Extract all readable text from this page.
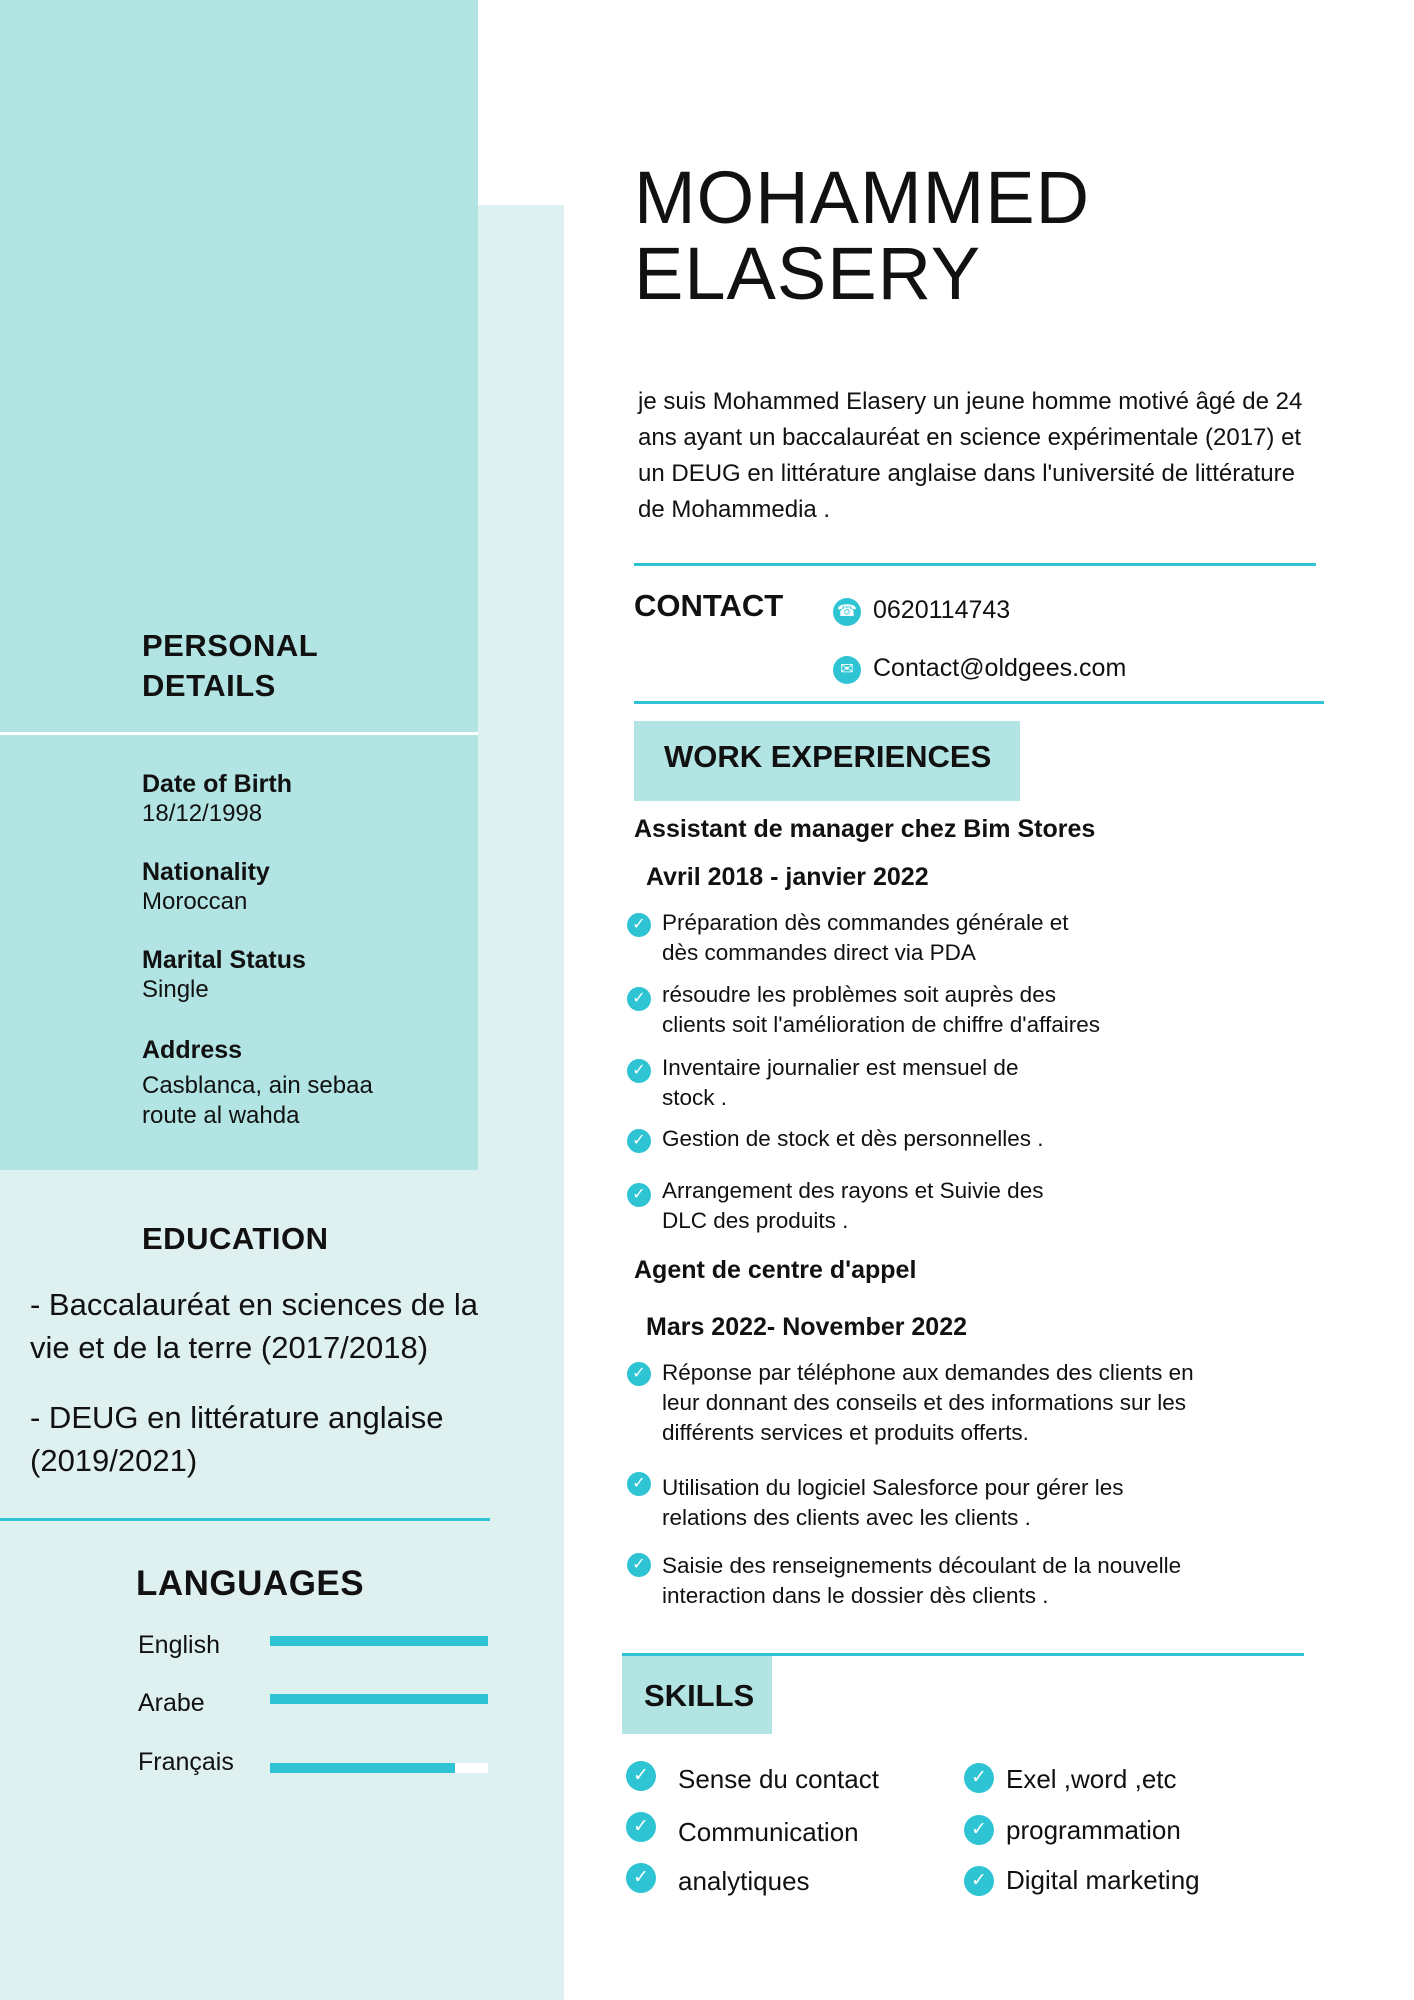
PERSONAL
DETAILS
Date of Birth
18/12/1998
Nationality
Moroccan
Marital Status
Single
Address
Casblanca, ain sebaa
route al wahda
EDUCATION
- Baccalauréat en sciences de la
vie et de la terre (2017/2018)
- DEUG en littérature anglaise
(2019/2021)
LANGUAGES
English
Arabe
Français
MOHAMMED
ELASERY
je suis Mohammed Elasery un jeune homme motivé âgé de 24 ans ayant un baccalauréat en science expérimentale (2017) et un DEUG en littérature anglaise dans l'université de littérature de Mohammedia .
CONTACT	☎ 0620114743
✉ Contact@oldgees.com
WORK EXPERIENCES
Assistant de manager chez Bim Stores
Avril 2018 - janvier 2022
✓ Préparation dès commandes générale et
dès commandes direct via PDA
✓ résoudre les problèmes soit auprès des
clients soit l'amélioration de chiffre d'affaires
✓ Inventaire journalier est mensuel de
stock .
✓ Gestion de stock et dès personnelles .
✓ Arrangement des rayons et Suivie des
DLC des produits .
Agent de centre d'appel
Mars 2022- November 2022
✓ Réponse par téléphone aux demandes des clients en
leur donnant des conseils et des informations sur les
différents services et produits offerts.
✓ Utilisation du logiciel Salesforce pour gérer les
relations des clients avec les clients .
✓ Saisie des renseignements découlant de la nouvelle
interaction dans le dossier dès clients .
SKILLS
✓ Sense du contact
✓ Communication
✓ analytiques
✓ Exel ,word ,etc
✓ programmation
✓ Digital marketing
